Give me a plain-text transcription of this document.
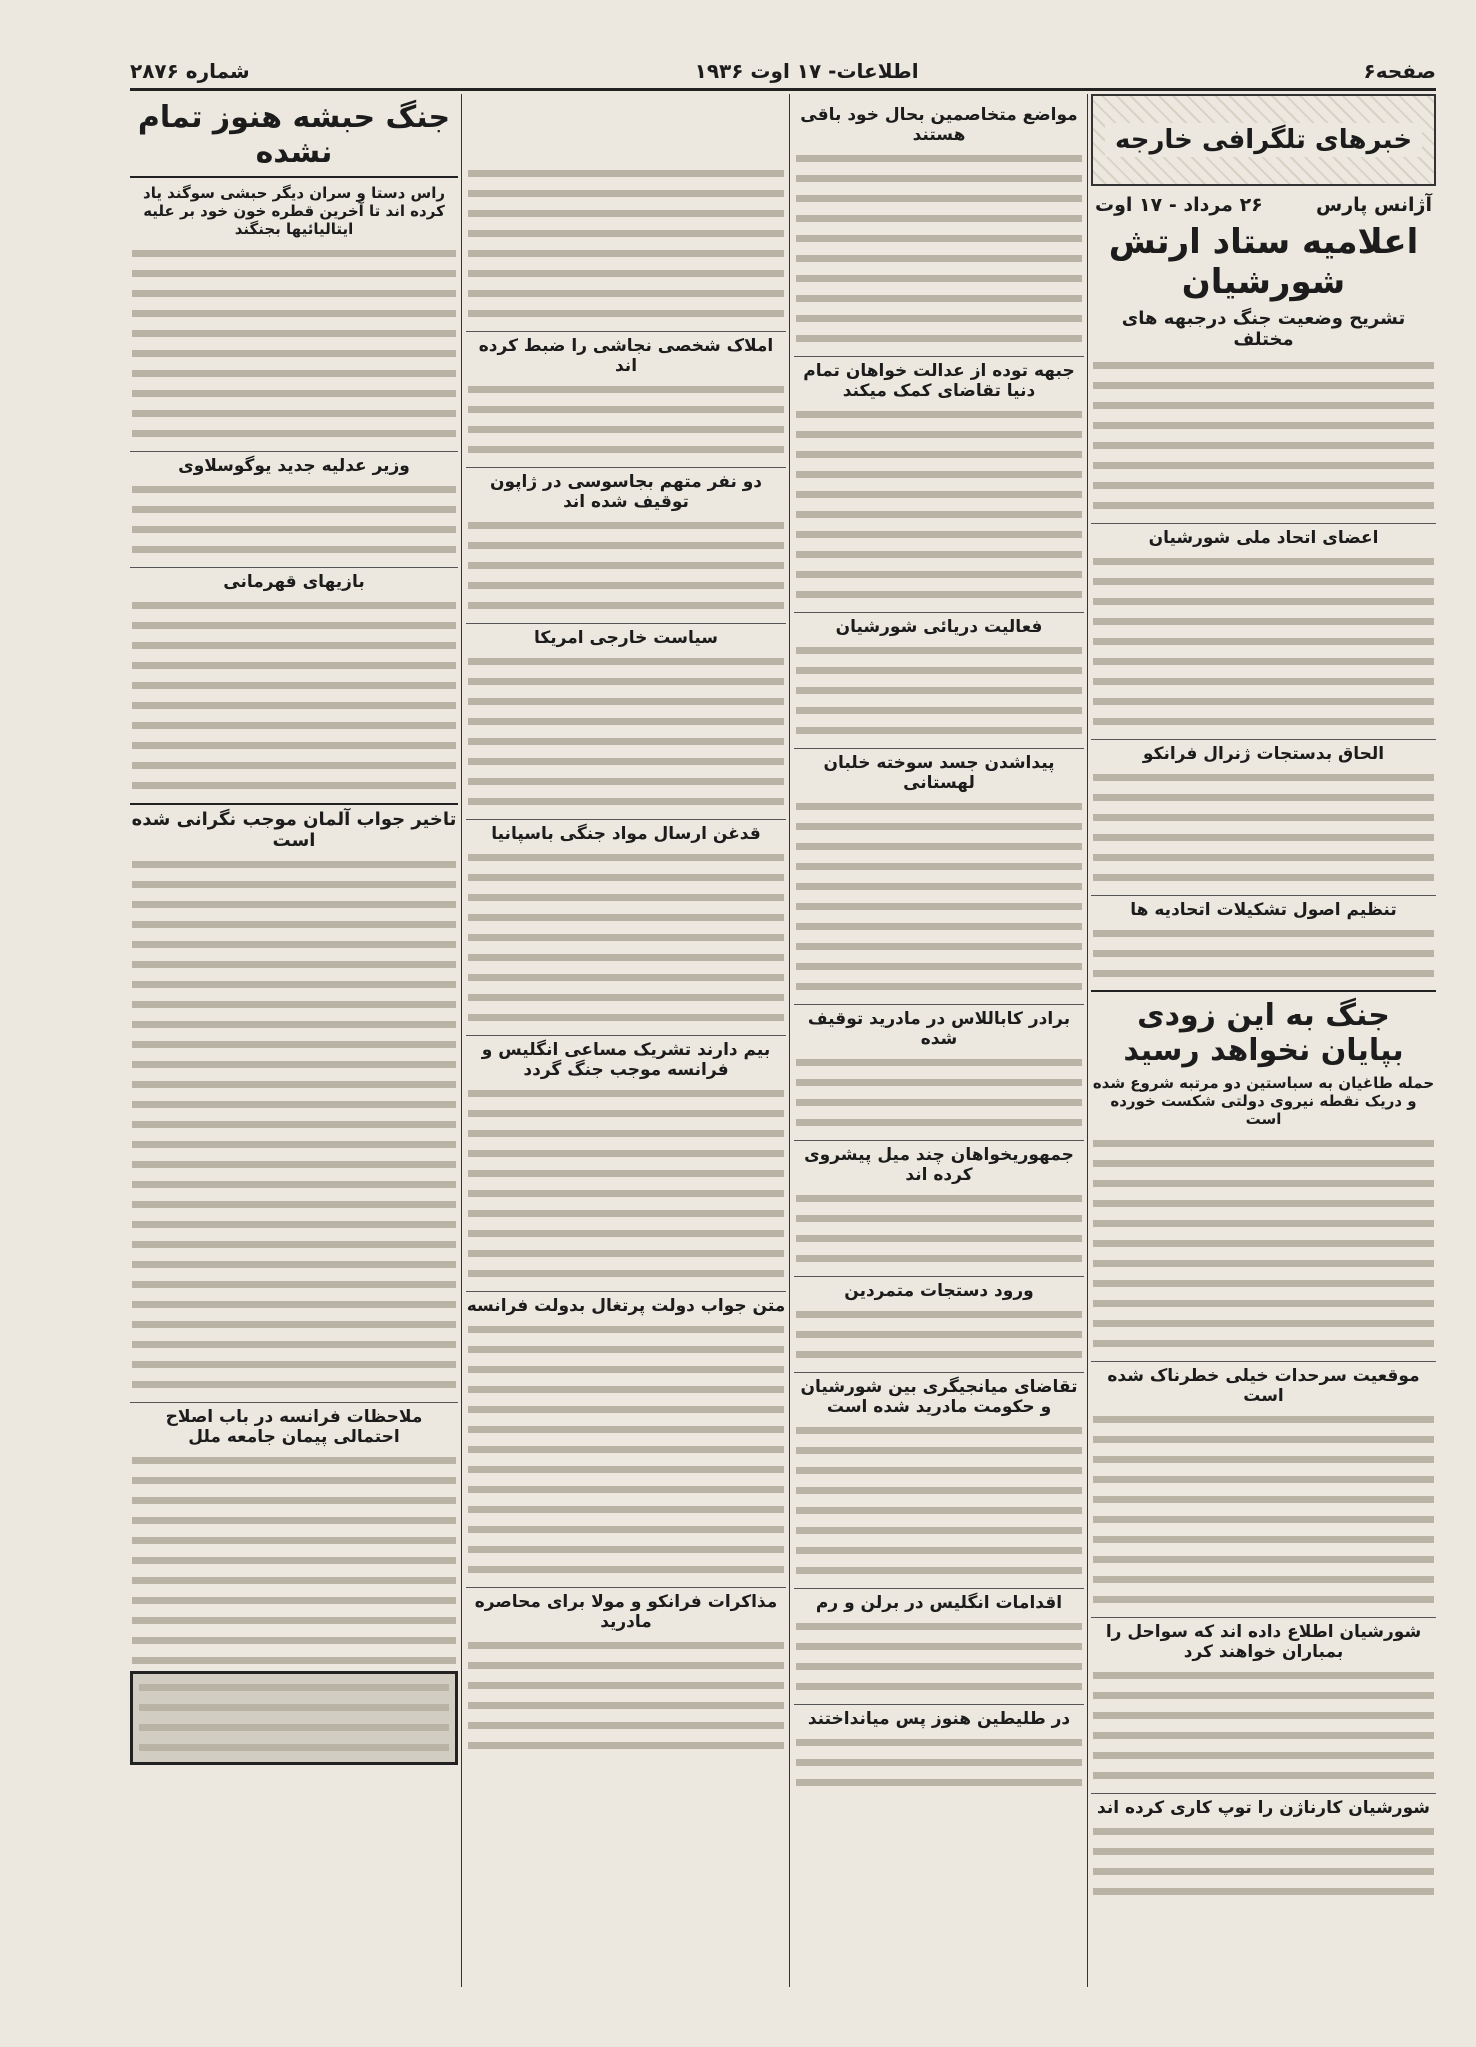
صفحه۶
اطلاعات- ۱۷ اوت ۱۹۳۶
شماره ۲۸۷۶
خبرهای تلگرافی خارجه
آژانس پارس
۲۶ مرداد - ۱۷ اوت
اعلامیه ستاد ارتش شورشیان
تشریح وضعیت جنگ درجبهه های مختلف
اعضای اتحاد ملی شورشیان
الحاق بدستجات ژنرال فرانکو
تنظیم اصول تشکیلات اتحادیه ها
جنگ به این زودی بپایان نخواهد رسید
حمله طاغیان به سباستین دو مرتبه شروع شده و دریک نقطه نیروی دولتی شکست خورده است
موقعیت سرحدات خیلی خطرناک شده است
شورشیان اطلاع داده اند که سواحل را بمباران خواهند کرد
شورشیان کارناژن را توپ کاری کرده اند
مواضع متخاصمین بحال خود باقی هستند
جبهه توده از عدالت خواهان تمام دنیا تقاضای کمک میکند
فعالیت دریائی شورشیان
پیداشدن جسد سوخته خلبان لهستانی
برادر کاباللاس در مادرید توقیف شده
جمهوریخواهان چند میل پیشروی کرده اند
ورود دستجات متمردین
تقاضای میانجیگری بین شورشیان و حکومت مادرید شده است
اقدامات انگلیس در برلن و رم
در طلیطین هنوز پس میانداختند
املاک شخصی نجاشی را ضبط کرده اند
دو نفر متهم بجاسوسی در ژاپون توقیف شده اند
سیاست خارجی امریکا
قدغن ارسال مواد جنگی باسپانیا
بیم دارند تشریک مساعی انگلیس و فرانسه موجب جنگ گردد
متن جواب دولت پرتغال بدولت فرانسه
مذاکرات فرانکو و مولا برای محاصره مادرید
جنگ حبشه هنوز تمام نشده
راس دستا و سران دیگر حبشی سوگند یاد کرده اند تا آخرین قطره خون خود بر علیه ایتالیائیها بجنگند
وزیر عدلیه جدید یوگوسلاوی
بازیهای قهرمانی
تاخیر جواب آلمان موجب نگرانی شده است
ملاحظات فرانسه در باب اصلاح احتمالی پیمان جامعه ملل
